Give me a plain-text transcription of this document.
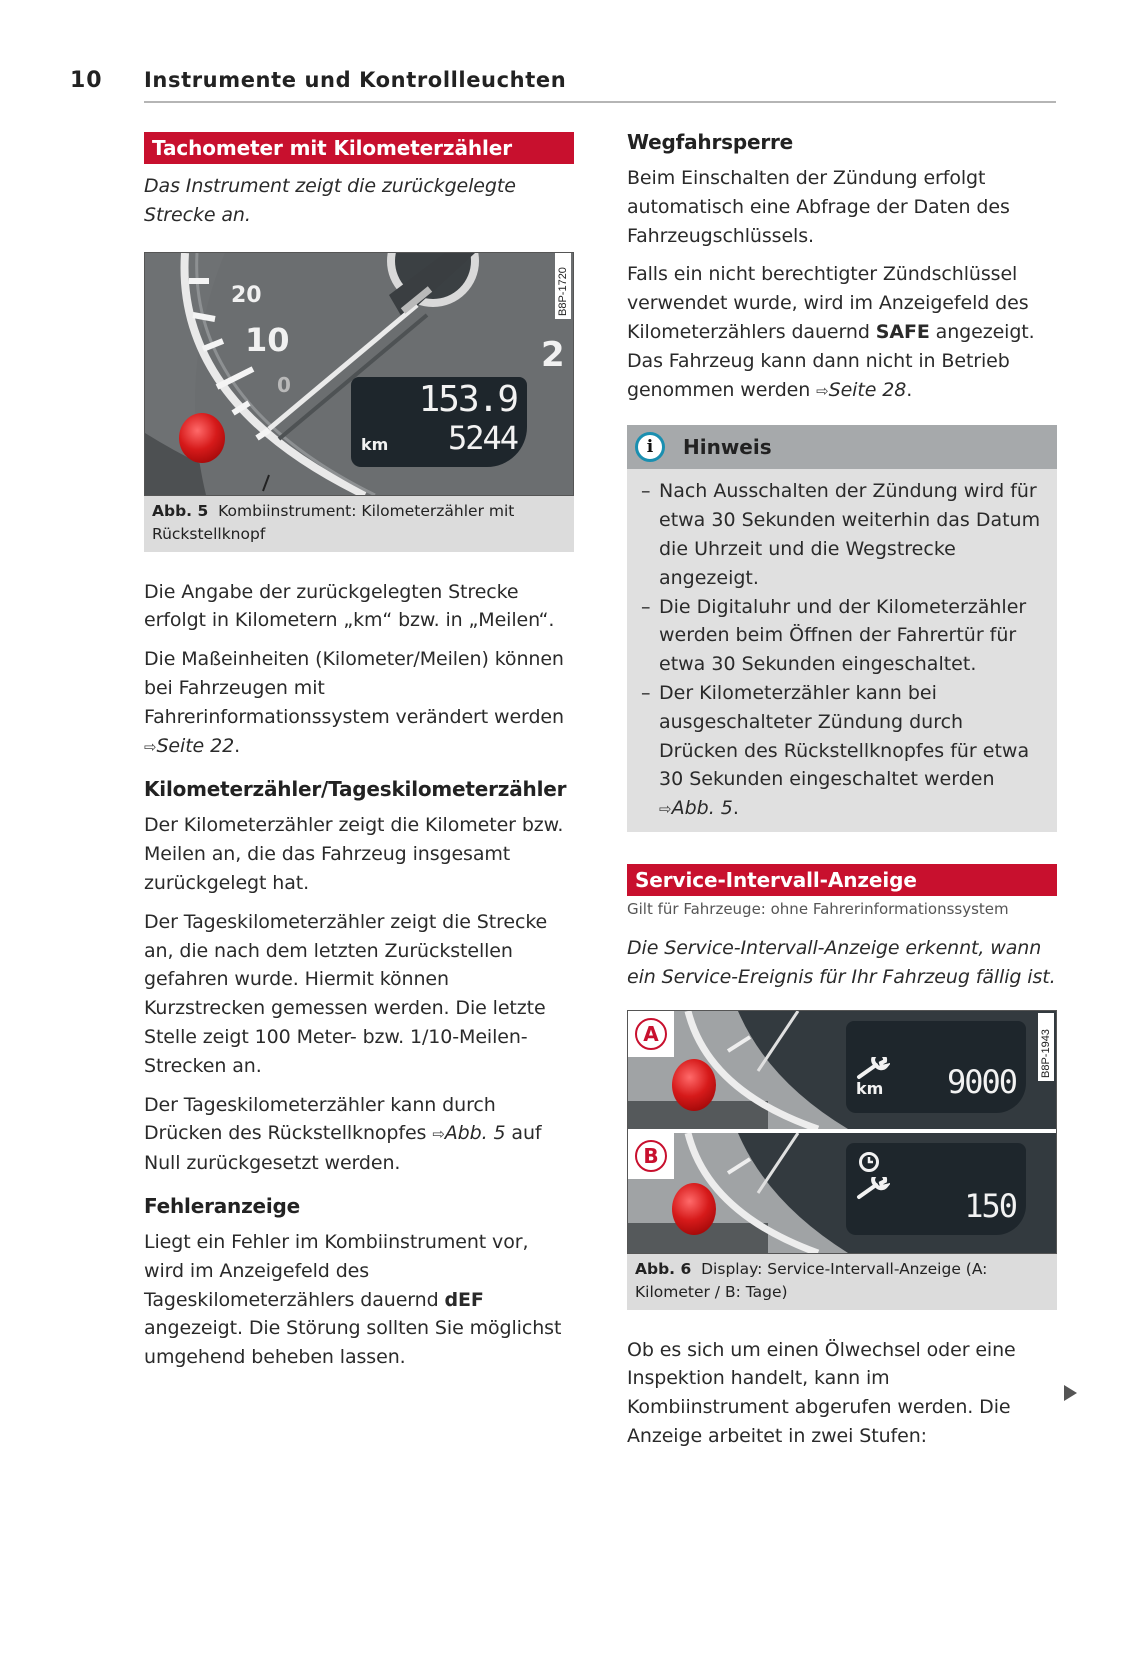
10 Instrumente und Kontrollleuchten
Tachometer mit Kilometerzähler

Das Instrument zeigt die zurückgelegte Strecke an.

20
10
0
2
153.9
5244
km
B8P-1720
Abb. 5 Kombiinstrument: Kilometerzähler mit Rückstellknopf

Die Angabe der zurückgelegten Strecke erfolgt in Kilometern „km“ bzw. in „Meilen“.

Die Maßeinheiten (Kilometer/Meilen) können bei Fahrzeugen mit Fahrerinformationssystem verändert werden ⇨Seite 22.

Kilometerzähler/Tageskilometerzähler

Der Kilometerzähler zeigt die Kilometer bzw. Meilen an, die das Fahrzeug insgesamt zurückgelegt hat.

Der Tageskilometerzähler zeigt die Strecke an, die nach dem letzten Zurückstellen gefahren wurde. Hiermit können Kurzstrecken gemessen werden. Die letzte Stelle zeigt 100 Meter- bzw. 1/10-Meilen-Strecken an.

Der Tageskilometerzähler kann durch Drücken des Rückstellknopfes ⇨Abb. 5 auf Null zurückgesetzt werden.

Fehleranzeige

Liegt ein Fehler im Kombiinstrument vor, wird im Anzeigefeld des Tageskilometerzählers dauernd dEF angezeigt. Die Störung sollten Sie möglichst umgehend beheben lassen.

Wegfahrsperre

Beim Einschalten der Zündung erfolgt automatisch eine Abfrage der Daten des Fahrzeugschlüssels.

Falls ein nicht berechtigter Zündschlüssel verwendet wurde, wird im Anzeigefeld des Kilometerzählers dauernd SAFE angezeigt. Das Fahrzeug kann dann nicht in Betrieb genommen werden ⇨Seite 28.

i	Hinweis
– Nach Ausschalten der Zündung wird für etwa 30 Sekunden weiterhin das Datum die Uhrzeit und die Wegstrecke angezeigt.
– Die Digitaluhr und der Kilometerzähler werden beim Öffnen der Fahrertür für etwa 30 Sekunden eingeschaltet.
– Der Kilometerzähler kann bei ausgeschalteter Zündung durch Drücken des Rückstellknopfes für etwa 30 Sekunden eingeschaltet werden ⇨Abb. 5.
Service-Intervall-Anzeige
Gilt für Fahrzeuge: ohne Fahrerinformationssystem

Die Service-Intervall-Anzeige erkennt, wann ein Service-Ereignis für Ihr Fahrzeug fällig ist.

A
km 9000
B
150
B8P-1943
Abb. 6 Display: Service-Intervall-Anzeige (A: Kilometer / B: Tage)

Ob es sich um einen Ölwechsel oder eine Inspektion handelt, kann im Kombiinstrument abgerufen werden. Die Anzeige arbeitet in zwei Stufen:
